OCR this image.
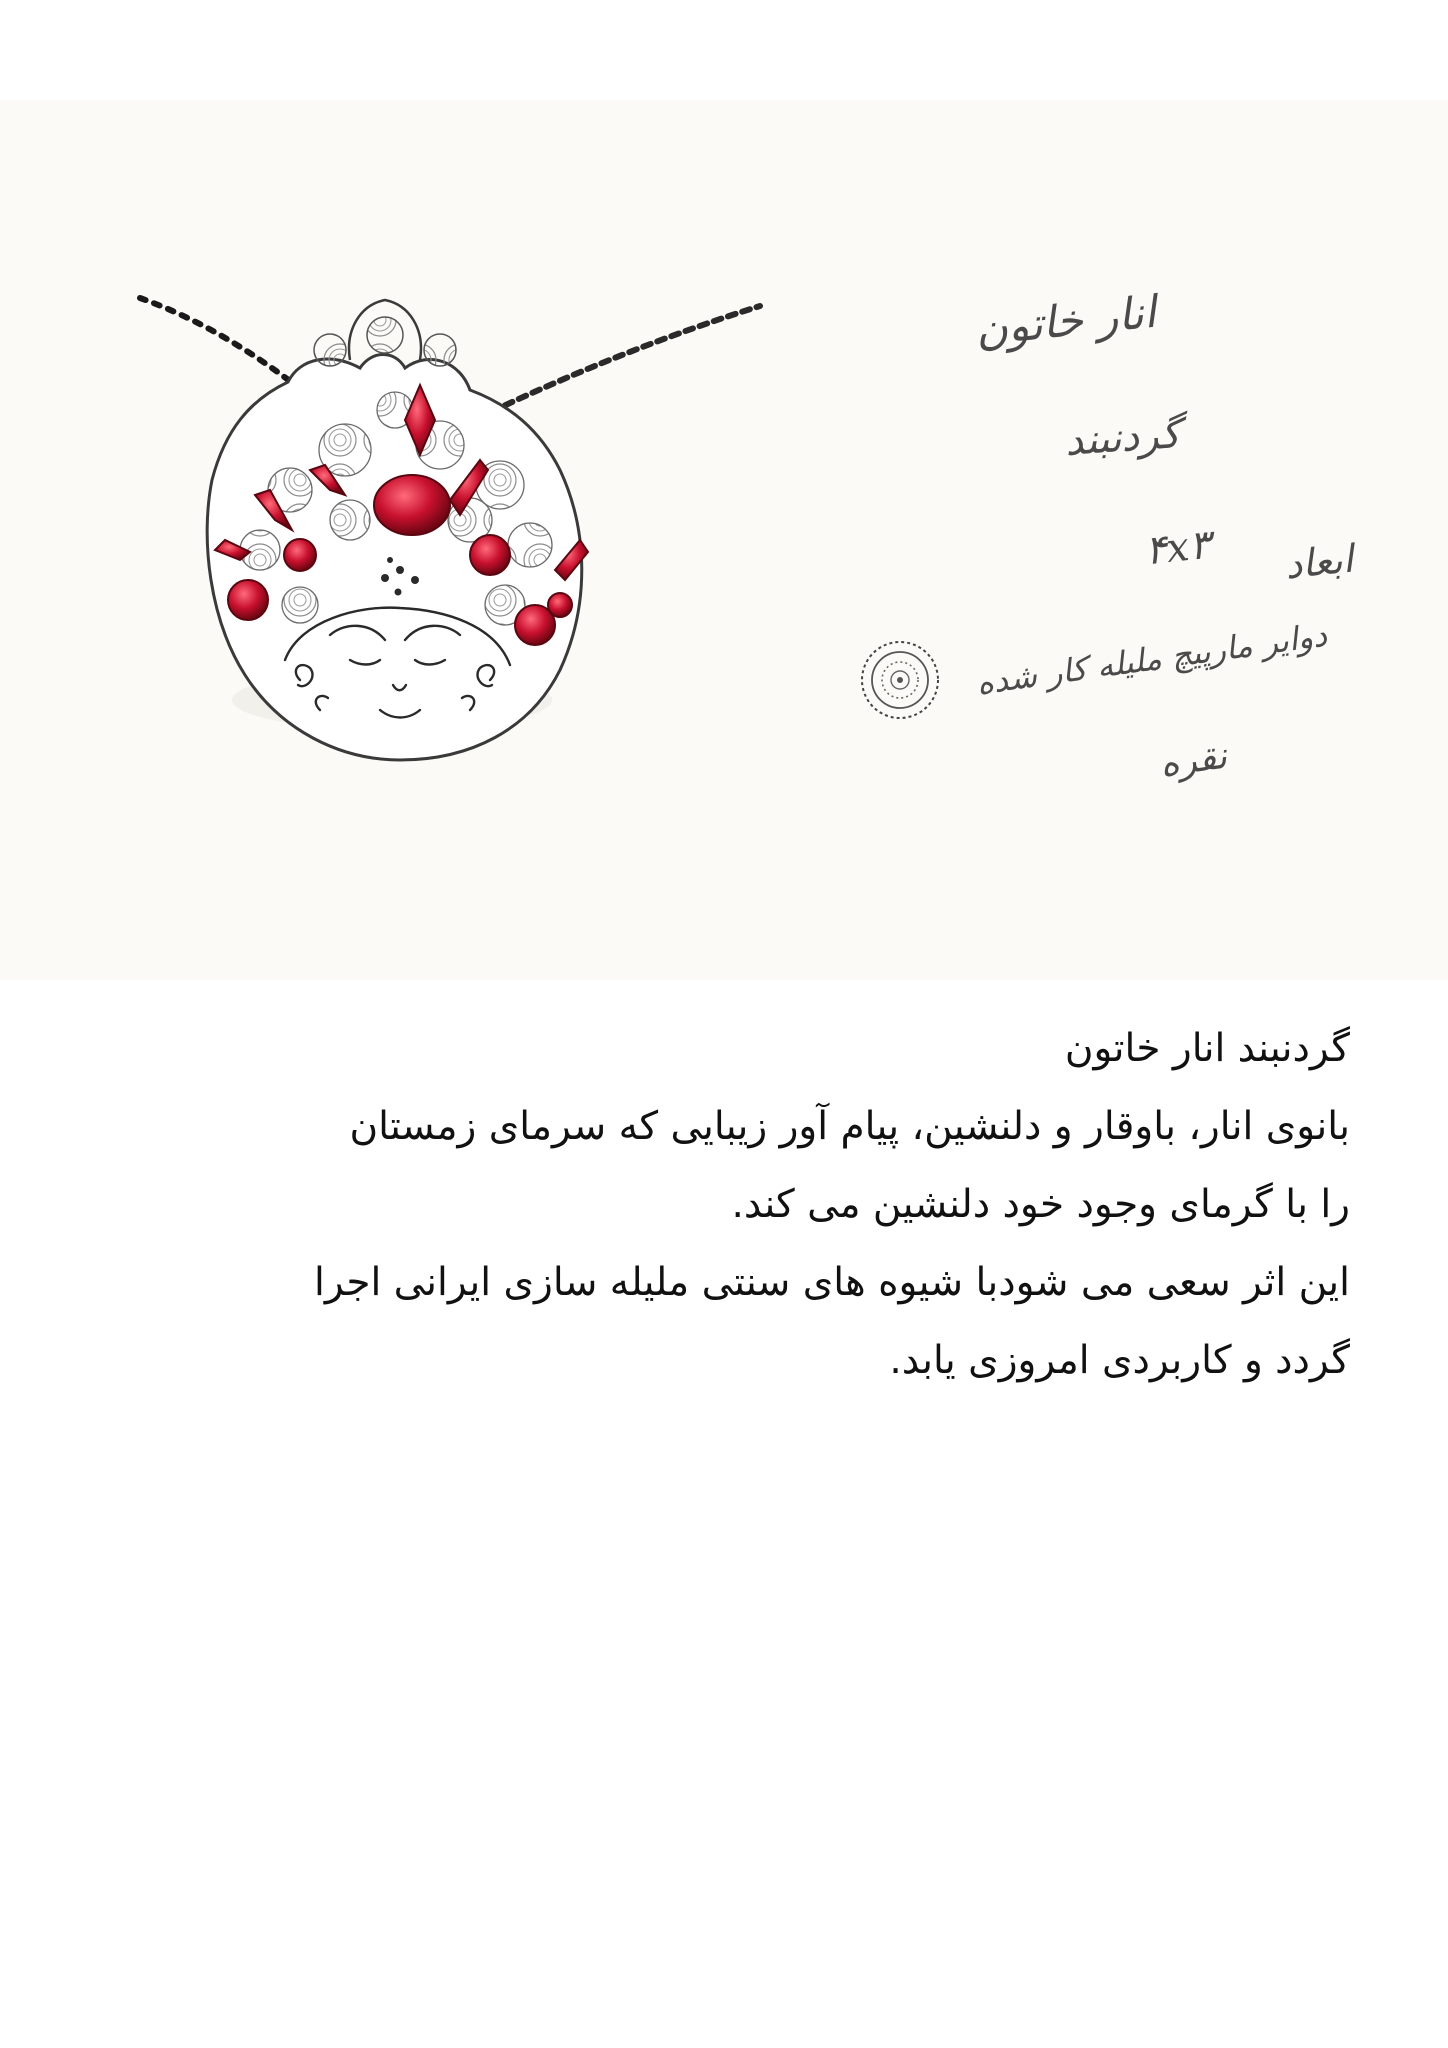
انار خاتون
گردنبند
۴x۳ ابعاد
دوایر مارپیچ ملیله کار شده
نقره

گردنبند انار خاتون

بانوی انار، باوقار و دلنشین، پیام آور زیبایی که سرمای زمستان

را با گرمای وجود خود دلنشین می کند.

این اثر سعی می شودبا شیوه های سنتی ملیله سازی ایرانی اجرا

گردد و کاربردی امروزی یابد.
